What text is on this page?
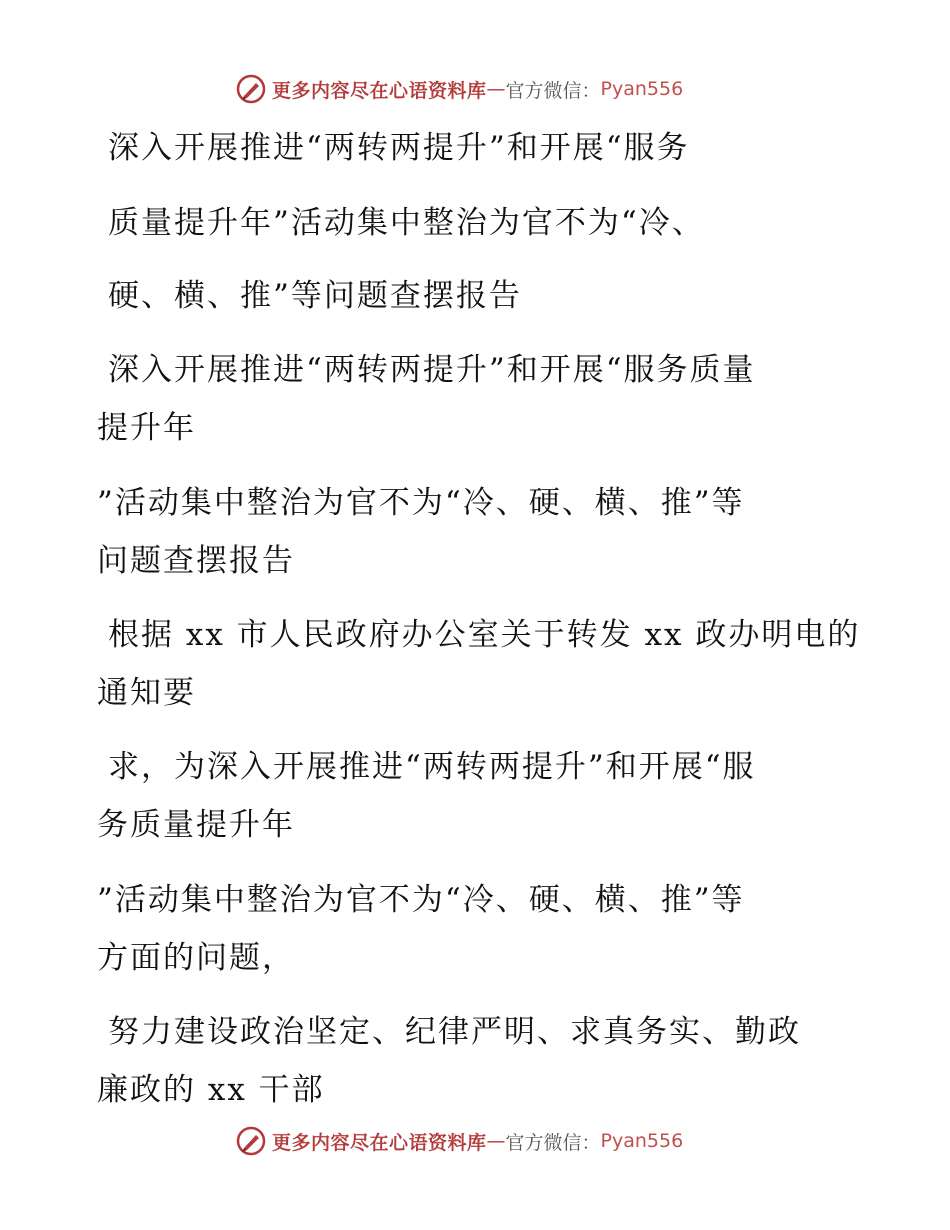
更多内容尽在心语资料库 — 官方微信： Pyan556
深入开展推进“两转两提升”和开展“服务
质量提升年”活动集中整治为官不为“冷、
硬、横、推”等问题查摆报告
深入开展推进“两转两提升”和开展“服务质量
提升年
”活动集中整治为官不为“冷、硬、横、推”等
问题查摆报告
根据 xx 市人民政府办公室关于转发 xx 政办明电的
通知要
求，为深入开展推进“两转两提升”和开展“服
务质量提升年
”活动集中整治为官不为“冷、硬、横、推”等
方面的问题，
努力建设政治坚定、纪律严明、求真务实、勤政
廉政的 xx 干部
更多内容尽在心语资料库 — 官方微信： Pyan556
